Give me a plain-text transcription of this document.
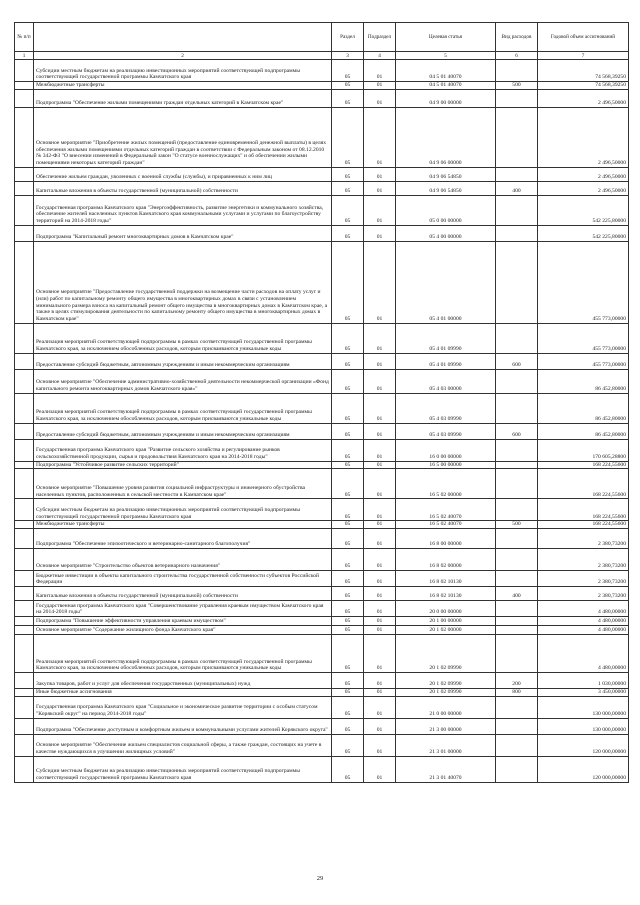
№ п/п		Раздел	Подраздел	Целевая статья	Вид расходов	Годовой объем ассигнований
1	2	3	4	5	6	7
	Субсидии местным бюджетам на реализацию инвестиционных мероприятий соответствующей подпрограммы соответствующей государственной программы Камчатского края	05	01	04 5 01 40070		74 568,39250
	Межбюджетные трансферты	05	01	04 5 01 40070	500	74 568,39250
	Подпрограмма "Обеспечение жилыми помещениями граждан отдельных категорий в Камчатском крае"	05	01	04 9 00 00000		2 496,50000
	Основное мероприятие "Приобретение жилых помещений (предоставление единовременной денежной выплаты) в целях обеспечения жилыми помещениями отдельных категорий граждан в соответствии с Федеральным законом от 08.12.2010 № 342-ФЗ "О внесении изменений в Федеральный закон "О статусе военнослужащих" и об обеспечении жилыми помещениями некоторых категорий граждан"	05	01	04 9 06 00000		2 496,50000
	Обеспечение жильем граждан, уволенных с военной службы (службы), и приравненных к ним лиц	05	01	04 9 06 54850		2 496,50000
	Капитальные вложения в объекты государственной (муниципальной) собственности	05	01	04 9 06 54850	400	2 496,50000
	Государственная программа Камчатского края "Энергоэффективность, развитие энергетики и коммунального хозяйства, обеспечение жителей населенных пунктов Камчатского края коммунальными услугами и услугами по благоустройству территорий на 2014-2018 годы"	05	01	05 0 00 00000		542 225,80000
	Подпрограмма "Капитальный ремонт многоквартирных домов в Камчатском крае"	05	01	05 4 00 00000		542 225,80000
	Основное мероприятие "Предоставление государственной поддержки на возмещение части расходов на оплату услуг и (или) работ по капитальному ремонту общего имущества в многоквартирных домах в связи с установлением минимального размера взноса на капитальный ремонт общего имущества в многоквартирных домах в Камчатском крае, а также в целях стимулирования деятельности по капитальному ремонту общего имущества в многоквартирных домах в Камчатском крае"	05	01	05 4 01 00000		455 773,00000
	Реализация мероприятий соответствующей подпрограммы в рамках соответствующей государственной программы Камчатского края, за исключением обособленных расходов, которым присваиваются уникальные коды	05	01	05 4 01 09990		455 773,00000
	Предоставление субсидий бюджетным, автономным учреждениям и иным некоммерческим организациям	05	01	05 4 01 09990	600	455 773,00000
	Основное мероприятие "Обеспечение административно-хозяйственной деятельности некоммерческой организации «Фонд капитального ремонта многоквартирных домов Камчатского края»"	05	01	05 4 03 00000		86 452,80000
	Реализация мероприятий соответствующей подпрограммы в рамках соответствующей государственной программы Камчатского края, за исключением обособленных расходов, которым присваиваются уникальные коды	05	01	05 4 03 09990		86 452,80000
	Предоставление субсидий бюджетным, автономным учреждениям и иным некоммерческим организациям	05	01	05 4 03 09990	600	86 452,80000
	Государственная программа Камчатского края "Развитие сельского хозяйства и регулирование рынков сельскохозяйственной продукции, сырья и продовольствия Камчатского края на 2014-2018 годы"	05	01	16 0 00 00000		170 605,28800
	Подпрограмма "Устойчивое развитие сельских территорий"	05	01	16 5 00 00000		168 224,55600
	Основное мероприятие "Повышение уровня развития социальной инфраструктуры и инженерного обустройства населенных пунктов, расположенных в сельской местности в Камчатском крае"	05	01	16 5 02 00000		168 224,55600
	Субсидии местным бюджетам на реализацию инвестиционных мероприятий соответствующей подпрограммы соответствующей государственной программы Камчатского края	05	01	16 5 02 40070		168 224,55600
	Межбюджетные трансферты	05	01	16 5 02 40070	500	168 224,55600
	Подпрограмма "Обеспечение эпизоотического и ветеринарно-санитарного благополучия"	05	01	16 8 00 00000		2 380,73200
	Основное мероприятие "Строительство объектов ветеринарного назначения"	05	01	16 8 02 00000		2 380,73200
	Бюджетные инвестиции в объекты капитального строительства государственной собственности субъектов Российской Федерации	05	01	16 8 02 10130		2 380,73200
	Капитальные вложения в объекты государственной (муниципальной) собственности	05	01	16 8 02 10130	400	2 380,73200
	Государственная программа Камчатского края "Совершенствование управления краевым имуществом Камчатского края на 2014-2018 годы"	05	01	20 0 00 00000		4 480,00000
	Подпрограмма "Повышение эффективности управления краевым имуществом"	05	01	20 1 00 00000		4 480,00000
	Основное мероприятие "Содержание жилищного фонда Камчатского края"	05	01	20 1 02 00000		4 480,00000
	Реализация мероприятий соответствующей подпрограммы в рамках соответствующей государственной программы Камчатского края, за исключением обособленных расходов, которым присваиваются уникальные коды	05	01	20 1 02 09990		4 480,00000
	Закупка товаров, работ и услуг для обеспечения государственных (муниципальных) нужд	05	01	20 1 02 09990	200	1 030,00000
	Иные бюджетные ассигнования	05	01	20 1 02 09990	800	3 450,00000
	Государственная программа Камчатского края "Социальное и экономическое развитие территории с особым статусом "Корякский округ" на период 2014-2018 годы"	05	01	21 0 00 00000		130 000,00000
	Подпрограмма "Обеспечение доступным и комфортным жильем и коммунальными услугами жителей Корякского округа"	05	01	21 3 00 00000		130 000,00000
	Основное мероприятие "Обеспечение жильем специалистов социальной сферы, а также граждан, состоящих на учете в качестве нуждающихся в улучшении жилищных условий"	05	01	21 3 01 00000		120 000,00000
	Субсидии местным бюджетам на реализацию инвестиционных мероприятий соответствующей подпрограммы соответствующей государственной программы Камчатского края	05	01	21 3 01 40070		120 000,00000
29
